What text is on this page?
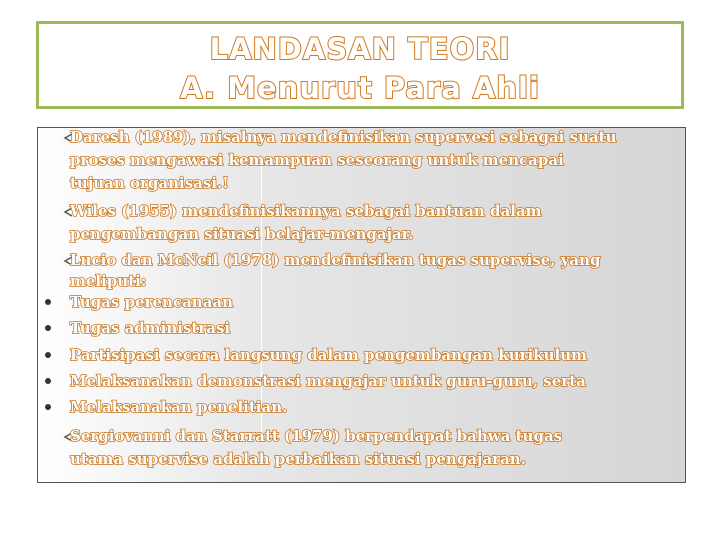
LANDASAN TEORI
A. Menurut Para Ahli
Daresh (1989), misalnya mendefinisikan supervesi sebagai suatu
proses mengawasi kemampuan seseorang untuk mencapai
tujuan organisasi.!
Wiles (1955) mendefinisikannya sebagai bantuan dalam
pengembangan situasi belajar-mengajar.
Lucio dan McNeil (1978) mendefinisikan tugas supervise, yang
meliputi:
Tugas perencanaan
Tugas administrasi
Partisipasi secara langsung dalam pengembangan kurikulum
Melaksanakan demonstrasi mengajar untuk guru-guru, serta
Melaksanakan penelitian.
Sergiovanni dan Starratt (1979) berpendapat bahwa tugas
utama supervise adalah perbaikan situasi pengajaran.
